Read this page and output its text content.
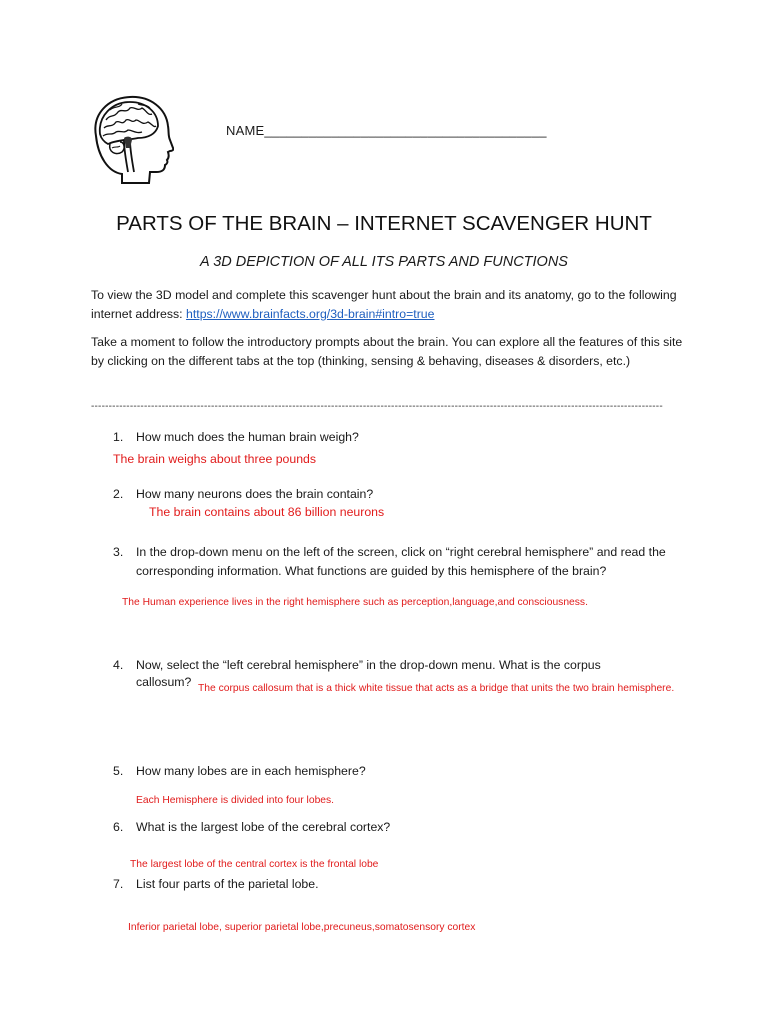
NAME______________________________________
PARTS OF THE BRAIN – INTERNET SCAVENGER HUNT
A 3D DEPICTION OF ALL ITS PARTS AND FUNCTIONS
To view the 3D model and complete this scavenger hunt about the brain and its anatomy, go to the following internet address: https://www.brainfacts.org/3d-brain#intro=true
Take a moment to follow the introductory prompts about the brain. You can explore all the features of this site by clicking on the different tabs at the top (thinking, sensing & behaving, diseases & disorders, etc.)
------------------------------------------------------------------------------------------------------------------------------------------------------------------
1. How much does the human brain weigh?
The brain weighs about three pounds
2. How many neurons does the brain contain?
The brain contains about 86 billion neurons
3. In the drop-down menu on the left of the screen, click on “right cerebral hemisphere” and read the corresponding information. What functions are guided by this hemisphere of the brain?
The Human experience lives in the right hemisphere such as perception,language,and consciousness.
4. Now, select the “left cerebral hemisphere” in the drop-down menu. What is the corpus
callosum? The corpus callosum that is a thick white tissue that acts as a bridge that units the two brain hemisphere.
5. How many lobes are in each hemisphere?
Each Hemisphere is divided into four lobes.
6. What is the largest lobe of the cerebral cortex?
The largest lobe of the central cortex is the frontal lobe
7. List four parts of the parietal lobe.
Inferior parietal lobe, superior parietal lobe,precuneus,somatosensory cortex
